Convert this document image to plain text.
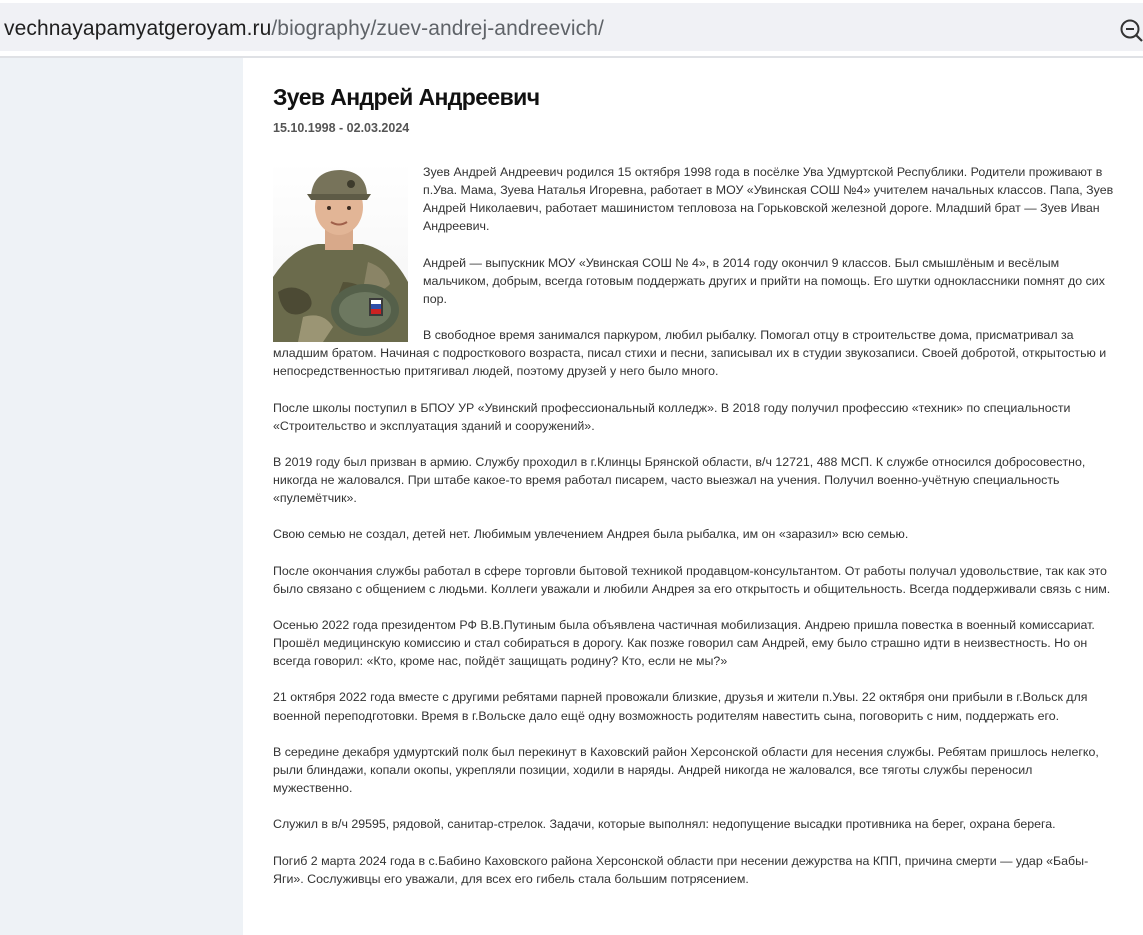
vechnayapamyatgeroyam.ru/biography/zuev-andrej-andreevich/
Зуев Андрей Андреевич
15.10.1998 - 02.03.2024

Зуев Андрей Андреевич родился 15 октября 1998 года в посёлке Ува Удмуртской Республики. Родители проживают в п.Ува. Мама, Зуева Наталья Игоревна, работает в МОУ «Увинская СОШ №4» учителем начальных классов. Папа, Зуев Андрей Николаевич, работает машинистом тепловоза на Горьковской железной дороге. Младший брат — Зуев Иван Андреевич.

Андрей — выпускник МОУ «Увинская СОШ № 4», в 2014 году окончил 9 классов. Был смышлёным и весёлым мальчиком, добрым, всегда готовым поддержать других и прийти на помощь. Его шутки одноклассники помнят до сих пор.

В свободное время занимался паркуром, любил рыбалку. Помогал отцу в строительстве дома, присматривал за младшим братом. Начиная с подросткового возраста, писал стихи и песни, записывал их в студии звукозаписи. Своей добротой, открытостью и непосредственностью притягивал людей, поэтому друзей у него было много.

После школы поступил в БПОУ УР «Увинский профессиональный колледж». В 2018 году получил профессию «техник» по специальности «Строительство и эксплуатация зданий и сооружений».

В 2019 году был призван в армию. Службу проходил в г.Клинцы Брянской области, в/ч 12721, 488 МСП. К службе относился добросовестно, никогда не жаловался. При штабе какое-то время работал писарем, часто выезжал на учения. Получил военно-учётную специальность «пулемётчик».

Свою семью не создал, детей нет. Любимым увлечением Андрея была рыбалка, им он «заразил» всю семью.

После окончания службы работал в сфере торговли бытовой техникой продавцом-консультантом. От работы получал удовольствие, так как это было связано с общением с людьми. Коллеги уважали и любили Андрея за его открытость и общительность. Всегда поддерживали связь с ним.

Осенью 2022 года президентом РФ В.В.Путиным была объявлена частичная мобилизация. Андрею пришла повестка в военный комиссариат. Прошёл медицинскую комиссию и стал собираться в дорогу. Как позже говорил сам Андрей, ему было страшно идти в неизвестность. Но он всегда говорил: «Кто, кроме нас, пойдёт защищать родину? Кто, если не мы?»

21 октября 2022 года вместе с другими ребятами парней провожали близкие, друзья и жители п.Увы. 22 октября они прибыли в г.Вольск для военной переподготовки. Время в г.Вольске дало ещё одну возможность родителям навестить сына, поговорить с ним, поддержать его.

В середине декабря удмуртский полк был перекинут в Каховский район Херсонской области для несения службы. Ребятам пришлось нелегко, рыли блиндажи, копали окопы, укрепляли позиции, ходили в наряды. Андрей никогда не жаловался, все тяготы службы переносил мужественно.

Служил в в/ч 29595, рядовой, санитар-стрелок. Задачи, которые выполнял: недопущение высадки противника на берег, охрана берега.

Погиб 2 марта 2024 года в с.Бабино Каховского района Херсонской области при несении дежурства на КПП, причина смерти — удар «Бабы-Яги». Сослуживцы его уважали, для всех его гибель стала большим потрясением.
